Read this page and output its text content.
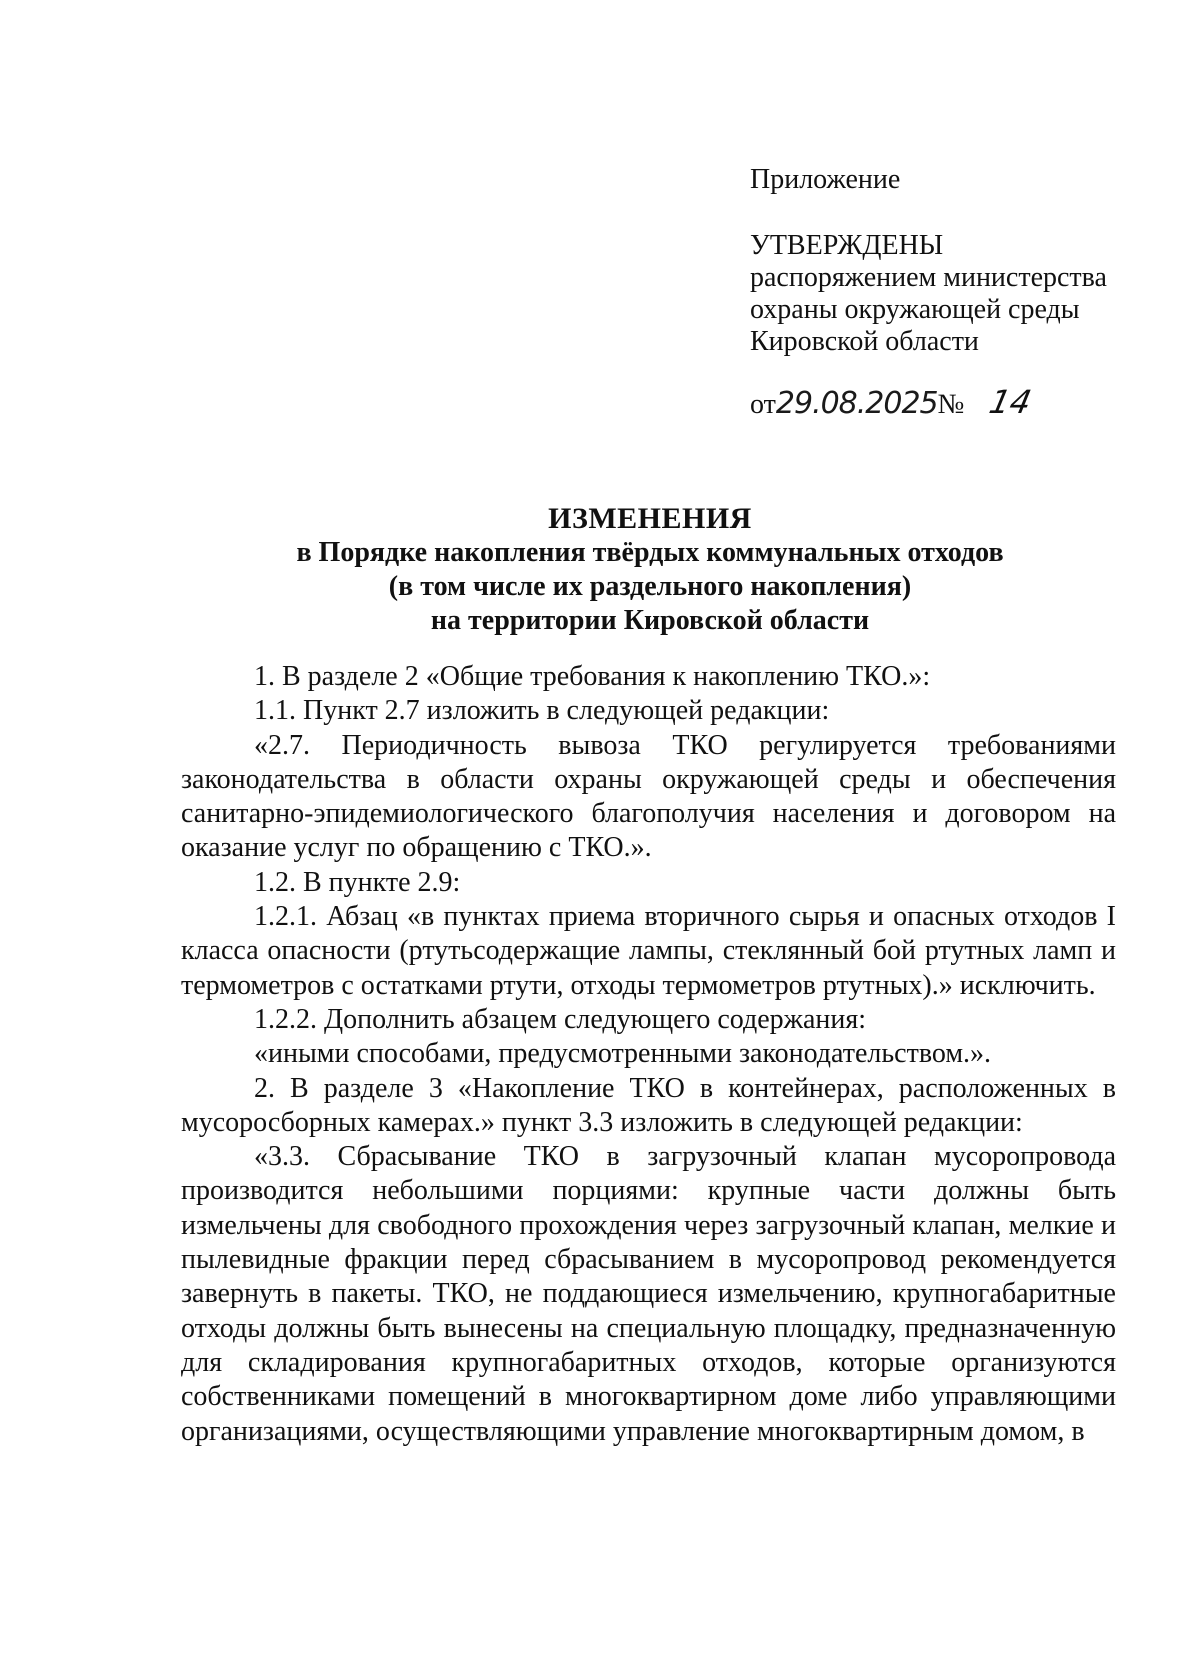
Приложение

УТВЕРЖДЕНЫ

распоряжением министерства

охраны окружающей среды

Кировской области

от29.08.2025№ 14
ИЗМЕНЕНИЯ
в Порядке накопления твёрдых коммунальных отходов
(в том числе их раздельного накопления)
на территории Кировской области

1. В разделе 2 «Общие требования к накоплению ТКО.»:

1.1. Пункт 2.7 изложить в следующей редакции:

«2.7. Периодичность вывоза ТКО регулируется требованиями законодательства в области охраны окружающей среды и обеспечения санитарно-эпидемиологического благополучия населения и договором на оказание услуг по обращению с ТКО.».

1.2. В пункте 2.9:

1.2.1. Абзац «в пунктах приема вторичного сырья и опасных отходов I класса опасности (ртутьсодержащие лампы, стеклянный бой ртутных ламп и термометров с остатками ртути, отходы термометров ртутных).» исключить.

1.2.2. Дополнить абзацем следующего содержания:

«иными способами, предусмотренными законодательством.».

2. В разделе 3 «Накопление ТКО в контейнерах, расположенных в мусоросборных камерах.» пункт 3.3 изложить в следующей редакции:

«3.3. Сбрасывание ТКО в загрузочный клапан мусоропровода производится небольшими порциями: крупные части должны быть измельчены для свободного прохождения через загрузочный клапан, мелкие и пылевидные фракции перед сбрасыванием в мусоропровод рекомендуется завернуть в пакеты. ТКО, не поддающиеся измельчению, крупногабаритные отходы должны быть вынесены на специальную площадку, предназначенную для складирования крупногабаритных отходов, которые организуются собственниками помещений в многоквартирном доме либо управляющими организациями, осуществляющими управление многоквартирным домом, в
